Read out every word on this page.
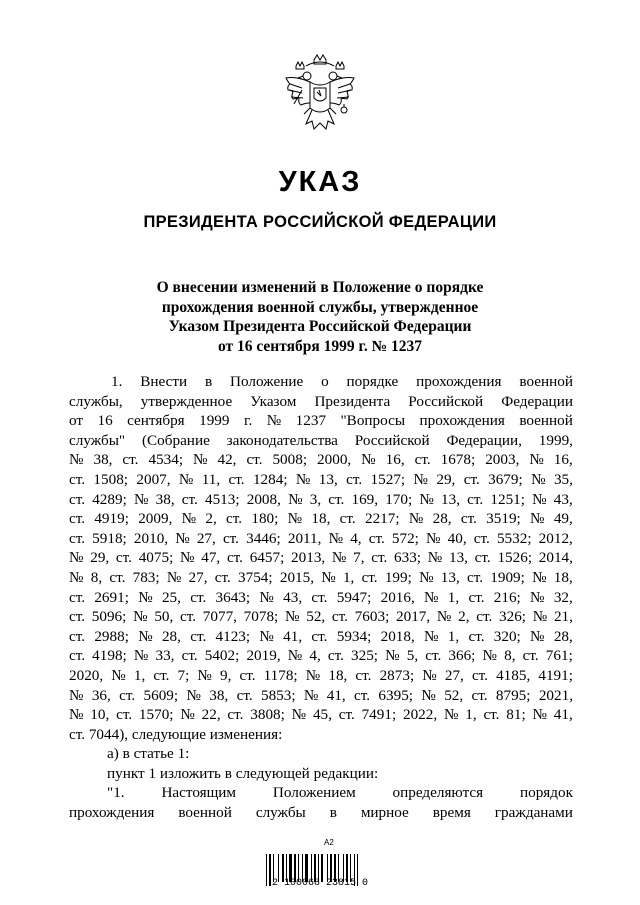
УКАЗ
ПРЕЗИДЕНТА РОССИЙСКОЙ ФЕДЕРАЦИИ
О внесении изменений в Положение о порядке
прохождения военной службы, утвержденное
Указом Президента Российской Федерации
от 16 сентября 1999 г. № 1237
1. Внести в Положение о порядке прохождения военной
службы, утвержденное Указом Президента Российской Федерации
от 16 сентября 1999 г. № 1237 "Вопросы прохождения военной
службы" (Собрание законодательства Российской Федерации, 1999,
№ 38, ст. 4534; № 42, ст. 5008; 2000, № 16, ст. 1678; 2003, № 16,
ст. 1508; 2007, № 11, ст. 1284; № 13, ст. 1527; № 29, ст. 3679; № 35,
ст. 4289; № 38, ст. 4513; 2008, № 3, ст. 169, 170; № 13, ст. 1251; № 43,
ст. 4919; 2009, № 2, ст. 180; № 18, ст. 2217; № 28, ст. 3519; № 49,
ст. 5918; 2010, № 27, ст. 3446; 2011, № 4, ст. 572; № 40, ст. 5532; 2012,
№ 29, ст. 4075; № 47, ст. 6457; 2013, № 7, ст. 633; № 13, ст. 1526; 2014,
№ 8, ст. 783; № 27, ст. 3754; 2015, № 1, ст. 199; № 13, ст. 1909; № 18,
ст. 2691; № 25, ст. 3643; № 43, ст. 5947; 2016, № 1, ст. 216; № 32,
ст. 5096; № 50, ст. 7077, 7078; № 52, ст. 7603; 2017, № 2, ст. 326; № 21,
ст. 2988; № 28, ст. 4123; № 41, ст. 5934; 2018, № 1, ст. 320; № 28,
ст. 4198; № 33, ст. 5402; 2019, № 4, ст. 325; № 5, ст. 366; № 8, ст. 761;
2020, № 1, ст. 7; № 9, ст. 1178; № 18, ст. 2873; № 27, ст. 4185, 4191;
№ 36, ст. 5609; № 38, ст. 5853; № 41, ст. 6395; № 52, ст. 8795; 2021,
№ 10, ст. 1570; № 22, ст. 3808; № 45, ст. 7491; 2022, № 1, ст. 81; № 41,
ст. 7044), следующие изменения:
а) в статье 1:
пункт 1 изложить в следующей редакции:
"1. Настоящим Положением определяются порядок
прохождения военной службы в мирное время гражданами
А2
2 100068 23815 0
